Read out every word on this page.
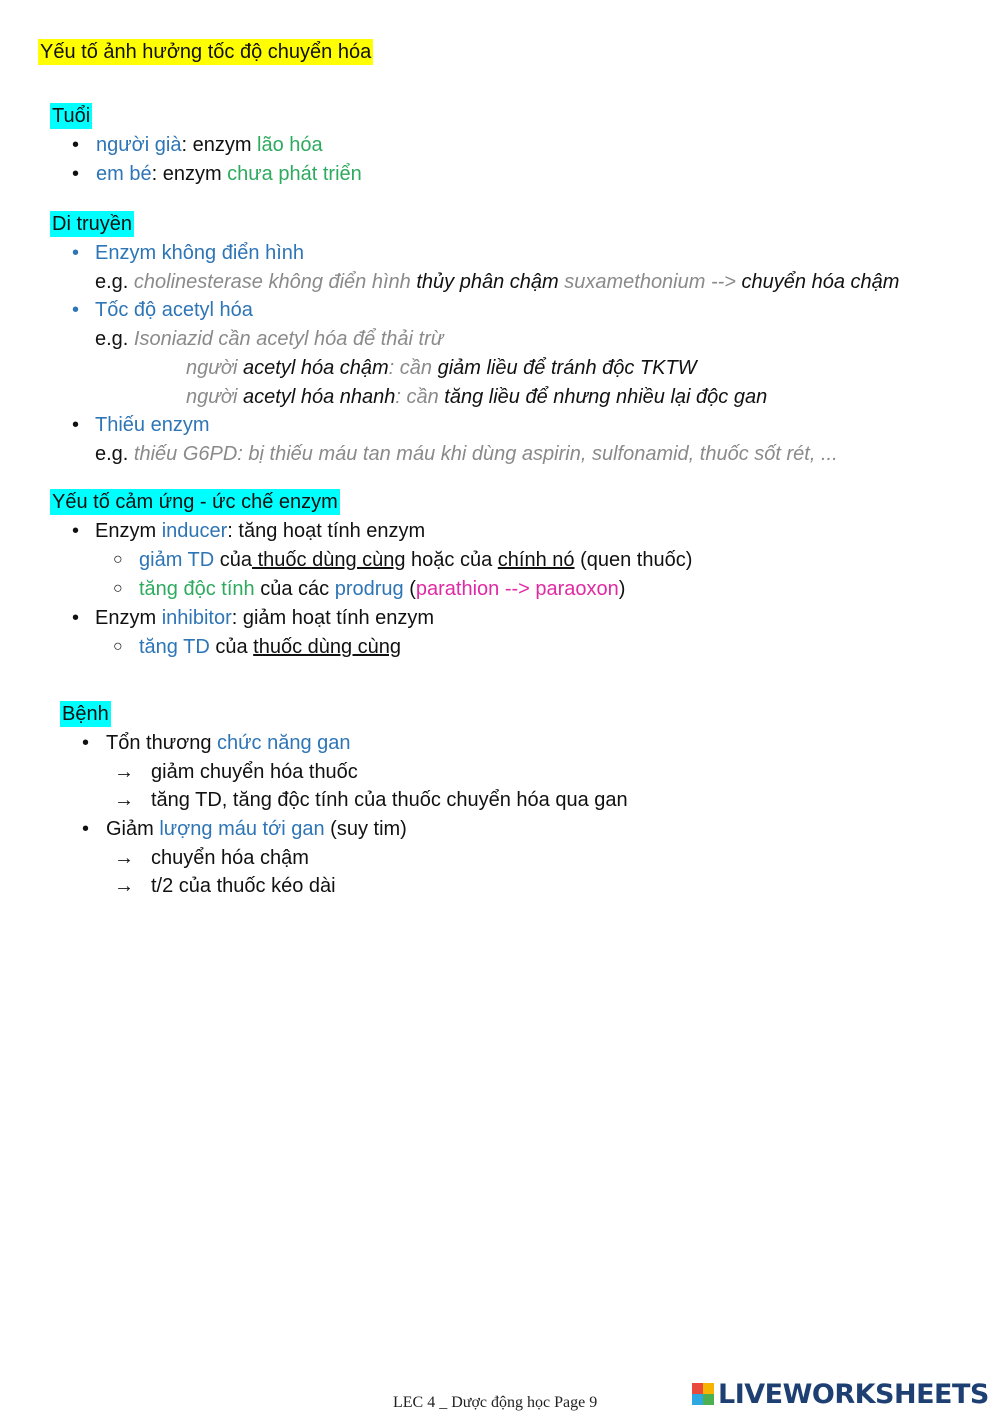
Yếu tố ảnh hưởng tốc độ chuyển hóa
Tuổi
• người già: enzym lão hóa
• em bé: enzym chưa phát triển
Di truyền
• Enzym không điển hình
e.g. cholinesterase không điển hình thủy phân chậm suxamethonium --> chuyển hóa chậm
• Tốc độ acetyl hóa
e.g. Isoniazid cần acetyl hóa để thải trừ
người acetyl hóa chậm: cần giảm liều để tránh độc TKTW
người acetyl hóa nhanh: cần tăng liều để nhưng nhiều lại độc gan
• Thiếu enzym
e.g. thiếu G6PD: bị thiếu máu tan máu khi dùng aspirin, sulfonamid, thuốc sốt rét, ...
Yếu tố cảm ứng - ức chế enzym
• Enzym inducer: tăng hoạt tính enzym
○ giảm TD của thuốc dùng cùng hoặc của chính nó (quen thuốc)
○ tăng độc tính của các prodrug (parathion --> paraoxon)
• Enzym inhibitor: giảm hoạt tính enzym
○ tăng TD của thuốc dùng cùng
Bệnh
• Tổn thương chức năng gan
→ giảm chuyển hóa thuốc
→ tăng TD, tăng độc tính của thuốc chuyển hóa qua gan
• Giảm lượng máu tới gan (suy tim)
→ chuyển hóa chậm
→ t/2 của thuốc kéo dài
LEC 4 _ Dược động học Page 9	LIVEWORKSHEETS
